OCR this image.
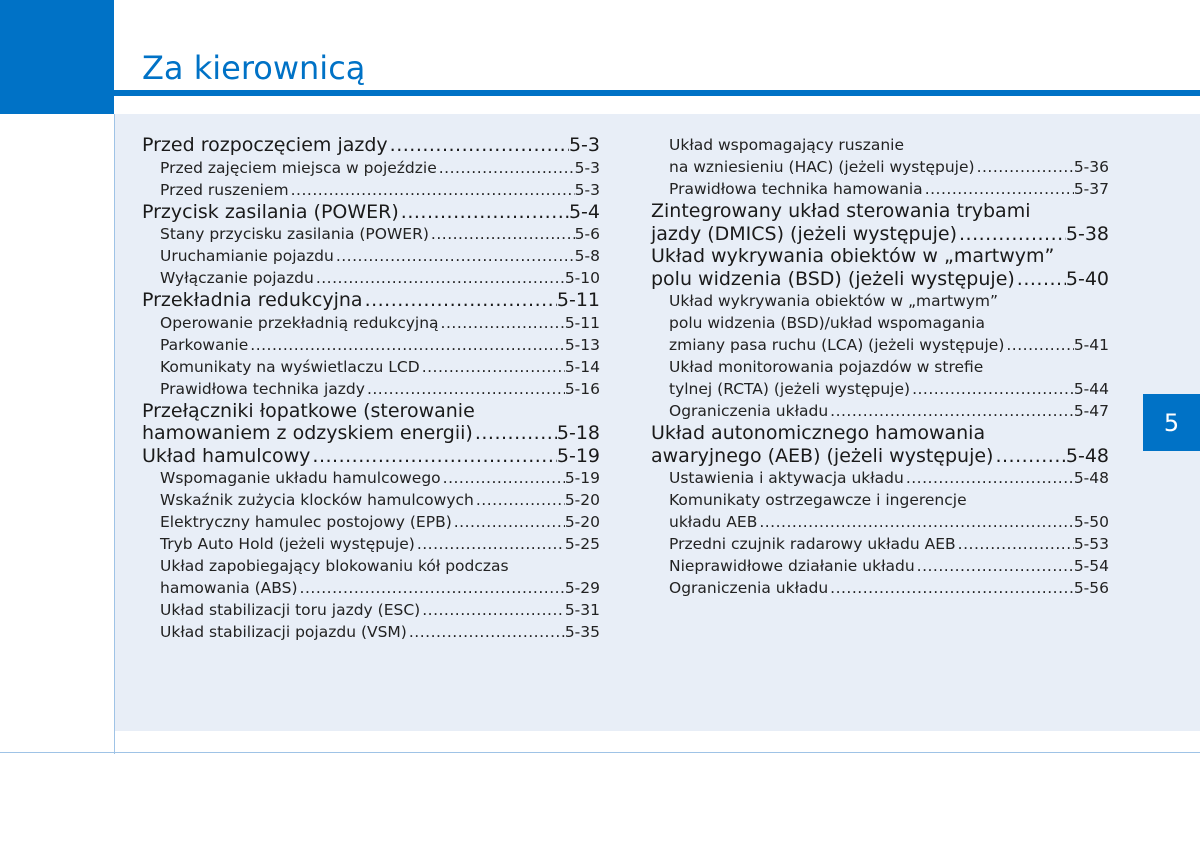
Za kierownicą
5
Przed rozpoczęciem jazdy .....	5-3
Przed zajęciem miejsca w pojeździe .....	5-3
Przed ruszeniem .....	5-3
Przycisk zasilania (POWER) .....	5-4
Stany przycisku zasilania (POWER) .....	5-6
Uruchamianie pojazdu .....	5-8
Wyłączanie pojazdu .....	5-10
Przekładnia redukcyjna .....	5-11
Operowanie przekładnią redukcyjną .....	5-11
Parkowanie .....	5-13
Komunikaty na wyświetlaczu LCD .....	5-14
Prawidłowa technika jazdy .....	5-16
Przełączniki łopatkowe (sterowanie
hamowaniem z odzyskiem energii) .....	5-18
Układ hamulcowy .....	5-19
Wspomaganie układu hamulcowego .....	5-19
Wskaźnik zużycia klocków hamulcowych .....	5-20
Elektryczny hamulec postojowy (EPB) .....	5-20
Tryb Auto Hold (jeżeli występuje) .....	5-25
Układ zapobiegający blokowaniu kół podczas
hamowania (ABS) .....	5-29
Układ stabilizacji toru jazdy (ESC) .....	5-31
Układ stabilizacji pojazdu (VSM) .....	5-35
Układ wspomagający ruszanie
na wzniesieniu (HAC) (jeżeli występuje) .....	5-36
Prawidłowa technika hamowania .....	5-37
Zintegrowany układ sterowania trybami
jazdy (DMICS) (jeżeli występuje) .....	5-38
Układ wykrywania obiektów w „martwym”
polu widzenia (BSD) (jeżeli występuje) .....	5-40
Układ wykrywania obiektów w „martwym”
polu widzenia (BSD)/układ wspomagania
zmiany pasa ruchu (LCA) (jeżeli występuje) .....	5-41
Układ monitorowania pojazdów w strefie
tylnej (RCTA) (jeżeli występuje) .....	5-44
Ograniczenia układu .....	5-47
Układ autonomicznego hamowania
awaryjnego (AEB) (jeżeli występuje) .....	5-48
Ustawienia i aktywacja układu .....	5-48
Komunikaty ostrzegawcze i ingerencje
układu AEB .....	5-50
Przedni czujnik radarowy układu AEB .....	5-53
Nieprawidłowe działanie układu .....	5-54
Ograniczenia układu .....	5-56
